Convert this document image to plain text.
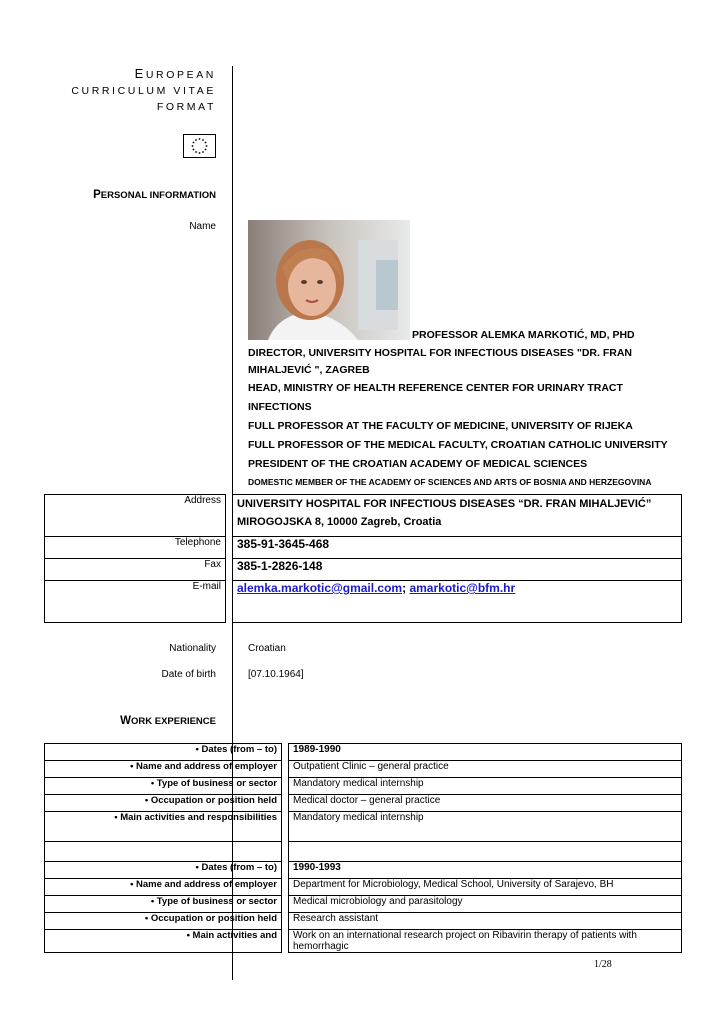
EUROPEAN
CURRICULUM VITAE
FORMAT
PERSONAL INFORMATION
Name

PROFESSOR ALEMKA MARKOTIĆ, MD, PHD

DIRECTOR, UNIVERSITY HOSPITAL FOR INFECTIOUS DISEASES "DR. FRAN MIHALJEVIĆ ", ZAGREB

HEAD, MINISTRY OF HEALTH REFERENCE CENTER FOR URINARY TRACT INFECTIONS

FULL PROFESSOR AT THE FACULTY OF MEDICINE, UNIVERSITY OF RIJEKA

FULL PROFESSOR OF THE MEDICAL FACULTY, CROATIAN CATHOLIC UNIVERSITY

PRESIDENT OF THE CROATIAN ACADEMY OF MEDICAL SCIENCES

DOMESTIC MEMBER OF THE ACADEMY OF SCIENCES AND ARTS OF BOSNIA AND HERZEGOVINA

Address		UNIVERSITY HOSPITAL FOR INFECTIOUS DISEASES “DR. FRAN MIHALJEVIĆ”
MIROGOJSKA 8, 10000 Zagreb, Croatia

Telephone		385-91-3645-468
Fax		385-1-2826-148
E-mail		alemka.markotic@gmail.com; amarkotic@bfm.hr
Nationality	Croatian
Date of birth	[07.10.1964]
WORK EXPERIENCE
• Dates (from – to)		1989-1990
• Name and address of employer		Outpatient Clinic – general practice
• Type of business or sector		Mandatory medical internship
• Occupation or position held		Medical doctor – general practice
• Main activities and responsibilities		Mandatory medical internship

• Dates (from – to)		1990-1993
• Name and address of employer		Department for Microbiology, Medical School, University of Sarajevo, BH
• Type of business or sector		Medical microbiology and parasitology
• Occupation or position held		Research assistant
• Main activities and		Work on an international research project on Ribavirin therapy of patients with hemorrhagic
1/28
